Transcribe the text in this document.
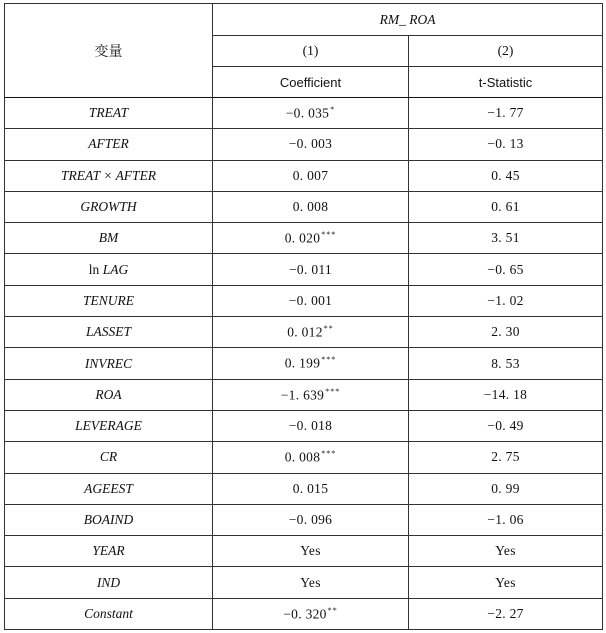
变量	RM_ ROA	
	(1)	(2)
	Coefficient	t-Statistic
TREAT	−0. 035*	−1. 77
AFTER	−0. 003	−0. 13
TREAT × AFTER	0. 007	0. 45
GROWTH	0. 008	0. 61
BM	0. 020***	3. 51
ln LAG	−0. 011	−0. 65
TENURE	−0. 001	−1. 02
LASSET	0. 012**	2. 30
INVREC	0. 199***	8. 53
ROA	−1. 639***	−14. 18
LEVERAGE	−0. 018	−0. 49
CR	0. 008***	2. 75
AGEEST	0. 015	0. 99
BOAIND	−0. 096	−1. 06
YEAR	Yes	Yes
IND	Yes	Yes
Constant	−0. 320**	−2. 27
